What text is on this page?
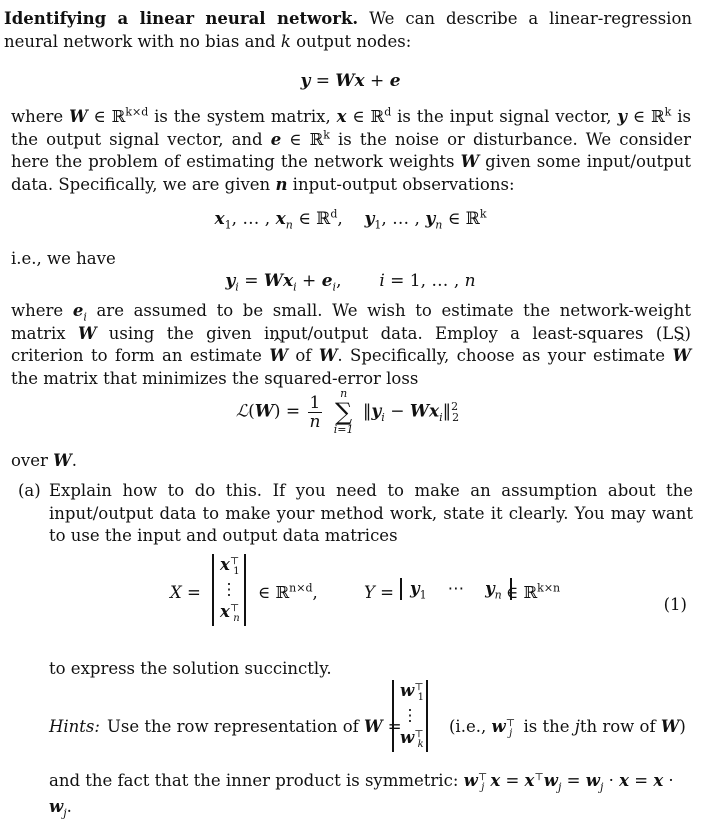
Identifying a linear neural network. We can describe a linear-regression neural network with no bias and k output nodes:

y = Wx + e

where W ∈ ℝ$^{k\times d}$ is the system matrix, x ∈ ℝ$^d$ is the input signal vector, y ∈ ℝ$^k$ is the output signal vector, and e ∈ ℝ$^k$ is the noise or disturbance. We consider here the problem of estimating the network weights W given some input/output data. Specifically, we are given n input-output observations:

$x_1$, … , $x_n$ ∈ ℝ$^d$,    $y_1$, … , $y_n$ ∈ ℝ$^k$

i.e., we have

$y_i = Wx_i + e_i$,       i = 1, … , n

where $e_i$ are assumed to be small. We wish to estimate the network-weight matrix W using the given input/output data. Employ a least-squares (LS) criterion to form an estimate ^ W of W. Specifically, choose as your estimate ^ W the matrix that minimizes the squared-error loss

ℒ(W) = $\frac{1}{n}$
	n
∑
i=1
$‖y_i$ − $Wx_i‖^2_2$

over W.

(a) Explain how to do this. If you need to make an assumption about the input/output data to make your method work, state it clearly. You may want to use the input and output data matrices

X =
$x^⊤_1$
⋮
$x^⊤_n$
∈ ℝ$^{n\times d}$,	$Y = y_1$    ⋯    $y_n$ ∈ ℝ$^{k\times n}$
(1)

to express the solution succinctly.

Hints: Use the row representation of W =
$w^⊤_1$
⋮
$w^⊤_k$
(i.e., $w^⊤_j$ is the jth row of W)

and the fact that the inner product is symmetric: $w^⊤_j$ $x = x^⊤w_j = w_j \cdot x = x \cdot w_j$.
